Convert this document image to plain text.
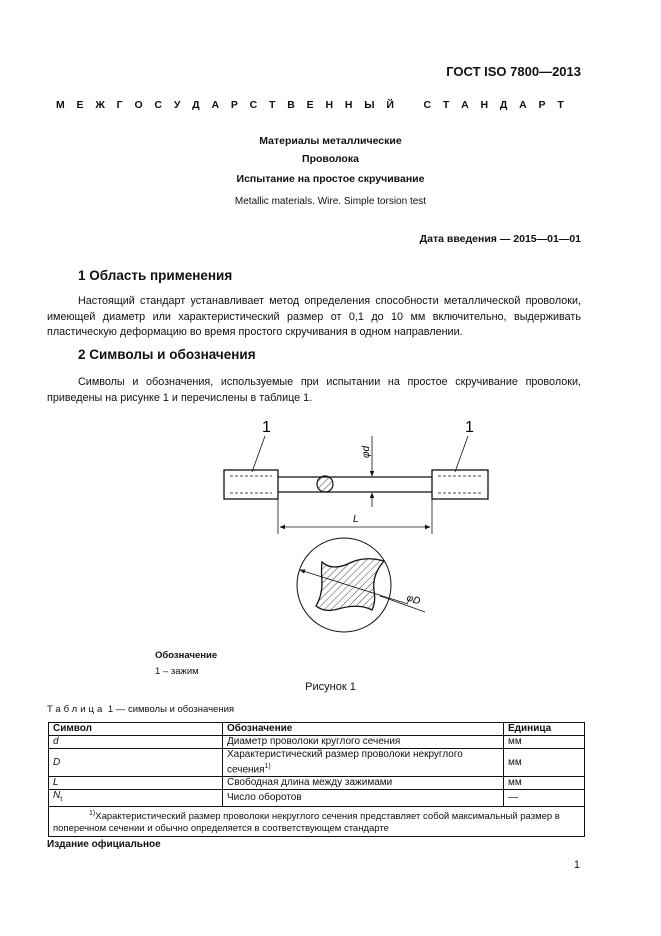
ГОСТ ISO 7800—2013
М Е Ж Г О С У Д А Р С Т В Е Н Н Ы Й	С Т А Н Д А Р Т
Материалы металлические
Проволока
Испытание на простое скручивание
Metallic materials. Wire. Simple torsion test
Дата введения — 2015—01—01
1 Область применения
Настоящий стандарт устанавливает метод определения способности металлической проволоки, имеющей диаметр или характеристический размер от 0,1 до 10 мм включительно, выдерживать пластическую деформацию во время простого скручивания в одном направлении.
2 Символы и обозначения
Символы и обозначения, используемые при испытании на простое скручивание проволоки, приведены на рисунке 1 и перечислены в таблице 1.
1	1
φd
L
φD
Обозначение
1 – зажим
Рисунок 1
Таблица 1 — символы и обозначения
Символ	Обозначение	Единица
d	Диаметр проволоки круглого сечения	мм
D	Характеристический размер проволоки некруглого сечения$^{1)}$	мм
L	Свободная длина между зажимами	мм
$N_t$	Число оборотов	—
$^{1)}$Характеристический размер проволоки некруглого сечения представляет собой максимальный размер в поперечном сечении и обычно определяется в соответствующем стандарте		
Издание официальное
1
